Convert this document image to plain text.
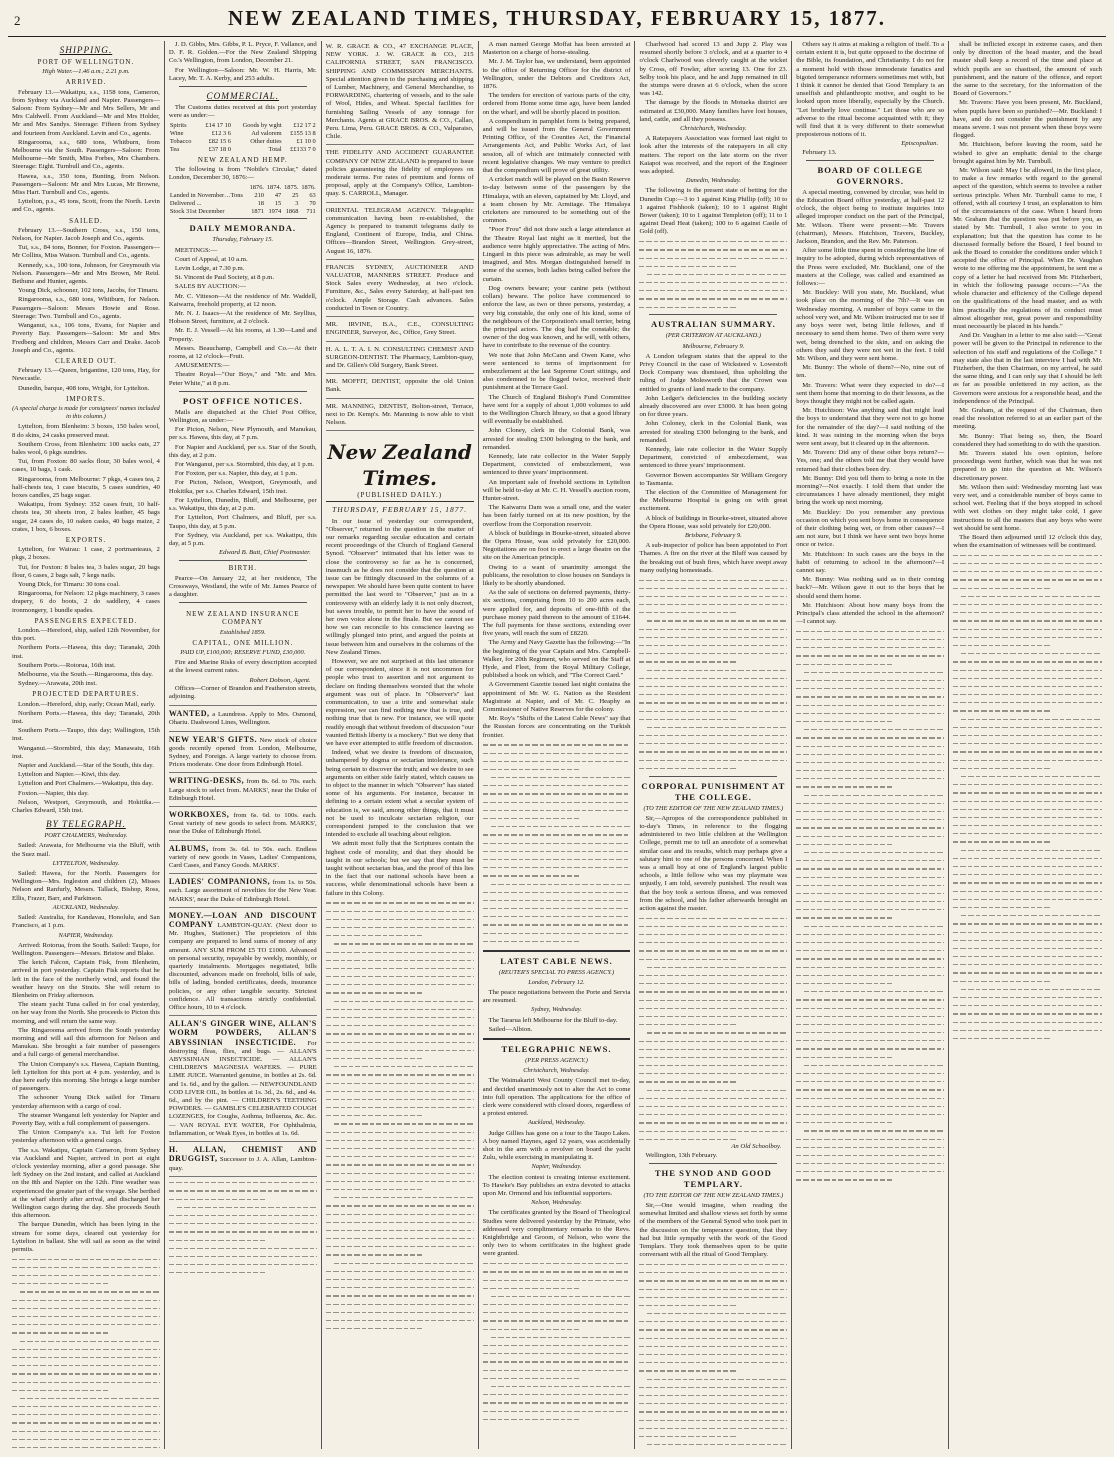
2	NEW ZEALAND TIMES, THURSDAY, FEBRUARY 15, 1877.
SHIPPING.
PORT OF WELLINGTON.
High Water.—1.46 a.m.; 2.21 p.m.
ARRIVED.

February 13.—Wakatipu, s.s., 1158 tons, Cameron, from Sydney via Auckland and Napier. Passengers—Saloon: From Sydney—Mr and Mrs Sellers, Mr and Mrs Caldwell. From Auckland—Mr and Mrs Holder, Mr and Mrs Sandys. Steerage: Fifteen from Sydney and fourteen from Auckland. Levin and Co., agents.

Ringarooma, s.s., 680 tons, Whitburn, from Melbourne via the South. Passengers—Saloon: From Melbourne—Mr Smith, Miss Forbes, Mrs Chambers. Steerage: Eight. Turnbull and Co., agents.

Hawea, s.s., 350 tons, Bunting, from Nelson. Passengers—Saloon: Mr and Mrs Lucas, Mr Browne, Miss Hart. Turnbull and Co., agents.

Lyttelton, p.s., 45 tons, Scott, from the North. Levin and Co., agents.

SAILED.

February 13.—Southern Cross, s.s., 150 tons, Nelson, for Napier. Jacob Joseph and Co., agents.

Tui, s.s., 84 tons, Bonner, for Foxton. Passengers—Mr Collins, Miss Watson. Turnbull and Co., agents.

Kennedy, s.s., 100 tons, Johnson, for Greymouth via Nelson. Passengers—Mr and Mrs Brown, Mr Reid. Bethune and Hunter, agents.

Young Dick, schooner, 102 tons, Jacobs, for Timaru.

Ringarooma, s.s., 680 tons, Whitburn, for Nelson. Passengers—Saloon: Messrs Howie and Rose. Steerage: Two. Turnbull and Co., agents.

Wanganui, s.s., 106 tons, Evans, for Napier and Poverty Bay. Passengers—Saloon: Mr and Mrs Fredberg and children, Messrs Carr and Drake. Jacob Joseph and Co., agents.

CLEARED OUT.

February 13.—Queen, brigantine, 120 tons, Hay, for Newcastle.

Dunedin, barque, 408 tons, Wright, for Lyttelton.

IMPORTS.
(A special charge is made for consignees' names included in this column.)

Lyttelton, from Blenheim: 3 boxes, 150 bales wool, 8 do skins, 24 casks preserved meat.

Southern Cross, from Blenheim: 100 sacks oats, 27 bales wool, 6 pkgs sundries.

Tui, from Foxton: 80 sacks flour, 30 bales wool, 4 cases, 10 bags, 1 cask.

Ringarooma, from Melbourne: 7 pkgs, 4 cases tea, 2 half-chests tea, 1 case biscuits, 5 cases sundries, 40 boxes candles, 25 bags sugar.

Wakatipu, from Sydney: 352 cases fruit, 10 half-chests tea, 30 sheets iron, 2 bales leather, 45 bags sugar, 24 cases do, 10 oaken casks, 40 bags maize, 2 crates, 1 box, 6 boxes.

EXPORTS.

Lyttelton, for Wairau: 1 case, 2 portmanteaus, 2 pkgs, 2 boxes.

Tui, for Foxton: 8 bales tea, 3 bales sugar, 20 bags flour, 6 cases, 2 bags salt, 7 kegs nails.

Young Dick, for Timaru: 30 tons coal.

Ringarooma, for Nelson: 12 pkgs machinery, 3 cases drapery, 6 do boots, 2 do saddlery, 4 cases ironmongery, 1 bundle spades.

PASSENGERS EXPECTED.

London.—Hereford, ship, sailed 12th November, for this port.

Northern Ports.—Hawea, this day; Taranaki, 20th inst.

Southern Ports.—Rotorua, 16th inst.

Melbourne, via the South.—Ringarooma, this day.

Sydney.—Arawata, 20th inst.

PROJECTED DEPARTURES.

London.—Hereford, ship, early; Ocean Mail, early.

Northern Ports.—Hawea, this day; Taranaki, 20th inst.

Southern Ports.—Taupo, this day; Wallington, 15th inst.

Wanganui.—Stormbird, this day; Manawatu, 16th inst.

Napier and Auckland.—Star of the South, this day.

Lyttelton and Napier.—Kiwi, this day.

Lyttelton and Port Chalmers.—Wakatipu, this day.

Foxton.—Napier, this day.

Nelson, Westport, Greymouth, and Hokitika.—Charles Edward, 15th inst.

BY TELEGRAPH.
PORT CHALMERS, Wednesday.

Sailed: Arawata, for Melbourne via the Bluff, with the Suez mail.

LYTTELTON, Wednesday.

Sailed: Hawea, for the North. Passengers for Wellington—Mrs. Ingleston and children (2), Misses Nelson and Ranfurly, Messrs. Tallack, Bishop, Ross, Ellis, Frazer, Barr, and Parkinson.

AUCKLAND, Wednesday.

Sailed: Australia, for Kandavau, Honolulu, and San Francisco, at 1 p.m.

NAPIER, Wednesday.

Arrived: Rotorua, from the South. Sailed: Taupo, for Wellington. Passengers—Messrs. Bristow and Blake.

The ketch Falcon, Captain Fisk, from Blenheim, arrived in port yesterday. Captain Fisk reports that he left in the face of the northerly wind, and found the weather heavy on the Straits. She will return to Blenheim on Friday afternoon.

The steam yacht Tuna called in for coal yesterday, on her way from the North. She proceeds to Picton this morning, and will return the same way.

The Ringarooma arrived from the South yesterday morning and will sail this afternoon for Nelson and Manukau. She brought a fair number of passengers and a full cargo of general merchandise.

The Union Company's s.s. Hawea, Captain Bunting, left Lyttelton for this port at 4 p.m. yesterday, and is due here early this morning. She brings a large number of passengers.

The schooner Young Dick sailed for Timaru yesterday afternoon with a cargo of coal.

The steamer Wanganui left yesterday for Napier and Poverty Bay, with a full complement of passengers.

The Union Company's s.s. Tui left for Foxton yesterday afternoon with a general cargo.

The s.s. Wakatipu, Captain Cameron, from Sydney via Auckland and Napier, arrived in port at eight o'clock yesterday morning, after a good passage. She left Sydney on the 2nd instant, and called at Auckland on the 8th and Napier on the 12th. Fine weather was experienced the greater part of the voyage. She berthed at the wharf shortly after arrival, and discharged her Wellington cargo during the day. She proceeds South this afternoon.

The barque Dunedin, which has been lying in the stream for some days, cleared out yesterday for Lyttelton in ballast. She will sail as soon as the wind permits.

J. D. Gibbs, Mrs. Gibbs, P. L. Pryce, F. Vallance, and D. F. R. Golden.—For the New Zealand Shipping Co.'s Wellington, from London, December 21.

For Wellington—Saloon: Mr. W. H. Harris, Mr. Lacey, Mr. T. A. Kerby, and 253 adults.

COMMERCIAL.

The Customs duties received at this port yesterday were as under:—

Spirits	£14 17 10	Goods by wght	£12 17 2
Wine	£12 3 6	Ad valorem	£155 13 8
Tobacco	£82 15 6	Other duties	£1 10 0
Tea	£37 18 0	Total	££133 7 0
NEW ZEALAND HEMP.

The following is from "Nobile's Circular," dated London, December 30, 1876:—

	1876.	1874.	1875.	1876.
Landed in November…Tons	210	47	25	63
Delivered ...	18	15	3	70
Stock 31st December	1871	1974	1868	711
DAILY MEMORANDA.
Thursday, February 15.

MEETINGS:—

Court of Appeal, at 10 a.m.

Levin Lodge, at 7.30 p.m.

St. Vincent de Paul Society, at 8 p.m.

SALES BY AUCTION:—

Mr. C. Vitteson—At the residence of Mr. Waddell, Kaiwarra, freehold property, at 12 noon.

Mr. N. J. Isaacs—At the residence of Mr. Seyllius, Hobson Street, furniture, at 2 o'clock.

Mr. E. J. Vessell—At his rooms, at 1.30—Land and Property.

Messrs. Beauchamp, Campbell and Co.—At their rooms, at 12 o'clock—Fruit.

AMUSEMENTS:—

Theatre Royal—"Our Boys," and "Mr. and Mrs. Peter White," at 8 p.m.

POST OFFICE NOTICES.

Mails are dispatched at the Chief Post Office, Wellington, as under:—

For Picton, Nelson, New Plymouth, and Manukau, per s.s. Hawea, this day, at 7 p.m.

For Napier and Auckland, per s.s. Star of the South, this day, at 2 p.m.

For Wanganui, per s.s. Stormbird, this day, at 1 p.m.

For Foxton, per s.s. Napier, this day, at 1 p.m.

For Picton, Nelson, Westport, Greymouth, and Hokitika, per s.s. Charles Edward, 15th inst.

For Lyttelton, Dunedin, Bluff, and Melbourne, per s.s. Wakatipu, this day, at 2 p.m.

For Lyttelton, Port Chalmers, and Bluff, per s.s. Taupo, this day, at 5 p.m.

For Sydney, via Auckland, per s.s. Wakatipu, this day, at 5 p.m.

Edward B. Butt, Chief Postmaster.
BIRTH.

Pearce—On January 22, at her residence, The Crossways, Westland, the wife of Mr. James Pearce of a daughter.

NEW ZEALAND INSURANCE COMPANY
Established 1859.
CAPITAL, ONE MILLION.
PAID UP, £100,000; RESERVE FUND, £30,000.

Fire and Marine Risks of every description accepted at the lowest current rates.

Robert Dobson, Agent.

Offices—Corner of Brandon and Featherston streets, adjoining.

WANTED, a Laundress. Apply to Mrs. Osmond, Ohariu. Dashwood Lines, Wellington.
NEW YEAR'S GIFTS. New stock of choice goods recently opened from London, Melbourne, Sydney, and Foreign. A large variety to choose from. Prices moderate. One door from Edinburgh Hotel.
WRITING-DESKS, from 8s. 6d. to 70s. each. Large stock to select from. MARKS', near the Duke of Edinburgh Hotel.
WORKBOXES, from 6s. 6d. to 100s. each. Great variety of new goods to select from. MARKS', near the Duke of Edinburgh Hotel.
ALBUMS, from 3s. 6d. to 50s. each. Endless variety of new goods in Vases, Ladies' Companions, Card Cases, and Fancy Goods. MARKS'.
LADIES' COMPANIONS, from 1s. to 50s. each. Large assortment of novelties for the New Year. MARKS', near the Duke of Edinburgh Hotel.
MONEY.—LOAN AND DISCOUNT COMPANY LAMBTON-QUAY. (Next door to Mr. Hughes, Stationer.) The proprietors of this company are prepared to lend sums of money of any amount. ANY SUM FROM £5 TO £1000. Advanced on personal security, repayable by weekly, monthly, or quarterly instalments. Mortgages negotiated, bills discounted, advances made on freehold, bills of sale, bills of lading, bonded certificates, deeds, insurance policies, or any other tangible security. Strictest confidence. All transactions strictly confidential. Office hours, 10 to 4 o'clock.
ALLAN'S GINGER WINE, ALLAN'S WORM POWDERS, ALLAN'S ABYSSINIAN INSECTICIDE. For destroying fleas, flies, and bugs. — ALLAN'S ABYSSINIAN INSECTICIDE. — ALLAN'S CHILDREN'S MAGNESIA WAFERS. — PURE LIME JUICE. Warranted genuine, in bottles at 2s. 6d. and 1s. 6d., and by the gallon. — NEWFOUNDLAND COD LIVER OIL, In bottles at 1s. 3d., 2s. 6d., and 4s. 6d., and by the pint. — CHILDREN'S TEETHING POWDERS. — GAMBLE'S CELEBRATED COUGH LOZENGES, for Coughs, Asthma, Influenza, &c. &c. — VAN ROYAL EYE WATER, For Ophthalmia, Inflammation, or Weak Eyes, in bottles at 1s. 6d.
H. ALLAN, CHEMIST AND DRUGGIST, Successor to J. A. Allan, Lambton-quay.
W. R. GRACE & CO., 47 EXCHANGE PLACE, NEW YORK. J. W. GRACE & CO., 215 CALIFORNIA STREET, SAN FRANCISCO. SHIPPING AND COMMISSION MERCHANTS. Special attention given to the purchasing and shipping of Lumber, Machinery, and General Merchandise, to FORWARDING, chartering of vessels, and to the sale of Wool, Hides, and Wheat. Special facilities for furnishing Sailing Vessels of any tonnage for Merchants. Agents at GRACE BROS. & CO., Callao, Peru. Lima, Peru. GRACE BROS. & CO., Valparaiso, Chile.
THE FIDELITY AND ACCIDENT GUARANTEE COMPANY OF NEW ZEALAND is prepared to issue policies guaranteeing the fidelity of employees on moderate terms. For rates of premium and forms of proposal, apply at the Company's Office, Lambton-quay. S. CARROLL, Manager.
ORIENTAL TELEGRAM AGENCY. Telegraphic communication having been re-established, the Agency is prepared to transmit telegrams daily to England, Continent of Europe, India, and China. Offices—Brandon Street, Wellington. Grey-street, August 16, 1876.
FRANCIS SYDNEY, AUCTIONEER AND VALUATOR, MANNERS STREET. Produce and Stock Sales every Wednesday, at two o'clock. Furniture, &c., Sales every Saturday, at half-past ten o'clock. Ample Storage. Cash advances. Sales conducted in Town or Country.
MR. IRVINE, B.A., C.E., CONSULTING ENGINEER, Surveyor, &c., Office, Grey Street.
H. A. L. T. A. I. N. CONSULTING CHEMIST AND SURGEON-DENTIST. The Pharmacy, Lambton-quay, and Dr. Gillen's Old Surgery, Bank Street.
MR. MOFFIT, DENTIST, opposite the old Union Bank.
MR. MANNING, DENTIST, Bolton-street, Terrace, next to Dr. Kemp's. Mr. Manning is now able to visit Nelson.
New Zealand Times.
(PUBLISHED DAILY.)
THURSDAY, FEBRUARY 15, 1877.

In our issue of yesterday our correspondent, "Observer," returned to the question in the matter of our remarks regarding secular education and certain recent proceedings of the Church of England General Synod. "Observer" intimated that his letter was to close the controversy so far as he is concerned, inasmuch as he does not consider that the question at issue can be fittingly discussed in the columns of a newspaper. We should have been quite content to have permitted the last word to "Observer," just as in a controversy with an elderly lady it is not only discreet, but saves trouble, to permit her to have the sound of her own voice alone in the finale. But we cannot see how we can reconcile to his conscience leaving so willingly plunged into print, and argued the points at issue between him and ourselves in the columns of the New Zealand Times.

However, we are not surprised at this last utterance of our correspondent, since it is not uncommon for people who trust to assertion and not argument to declare on finding themselves worsted that the whole argument was out of place. In "Observer's" last communication, to use a trite and somewhat stale expression, we can find nothing new that is true, and nothing true that is new. For instance, we will quote readily enough that without freedom of discussion "our vaunted British liberty is a mockery." But we deny that we have ever attempted to stifle freedom of discussion.

Indeed, what we desire is freedom of discussion, unhampered by dogma or sectarian intolerance, such being certain to discover the truth; and we desire to see arguments on either side fairly stated, which causes us to object to the manner in which "Observer" has stated some of his arguments. For instance, because in defining to a certain extent what a secular system of education is, we said, among other things, that it must not be used to inculcate sectarian religion, our correspondent jumped to the conclusion that we intended to exclude all teaching about religion.

We admit most fully that the Scriptures contain the highest code of morality, and that they should be taught in our schools; but we say that they must be taught without sectarian bias, and the proof of this lies in the fact that our national schools have been a success, while denominational schools have been a failure in this Colony.

A man named George Moffat has been arrested at Masterton on a charge of horse-stealing.

Mr. J. M. Taylor has, we understand, been appointed to the office of Returning Officer for the district of Wellington, under the Debtors and Creditors Act, 1876.

The tenders for erection of various parts of the city, ordered from Home some time ago, have been landed on the wharf, and will be shortly placed in position.

A compendium in pamphlet form is being prepared, and will be issued from the General Government Printing Office, of the Counties Act, the Financial Arrangements Act, and Public Works Act, of last session, all of which are intimately connected with recent legislative changes. We may venture to predict that the compendium will prove of great utility.

A cricket match will be played on the Basin Reserve to-day between some of the passengers by the Himalaya, with an eleven, captained by Mr. Lloyd, and a team chosen by Mr. Armitage. The Himalaya cricketers are rumoured to be something out of the common.

"Poor Frou" did not draw such a large attendance at the Theatre Royal last night as it merited, but the audience were highly appreciative. The acting of Mrs. Lingard in this piece was admirable, as may be well imagined, and Mrs. Morgan distinguished herself in some of the scenes, both ladies being called before the curtain.

Dog owners beware; your canine pets (without collars) beware. The police have commenced to enforce the law, as two or three persons, yesterday, a very big constable, the only one of his kind, some of the neighbours of the Corporation's small terrier, being the principal actors. The dog had the constable; the owner of the dog was known, and he will, with others, have to contribute to the revenue of the country.

We note that John McCann and Owen Kane, who were sentenced to terms of imprisonment for embezzlement at the last Supreme Court sittings, and also condemned to be flogged twice, received their punishment at the Terrace Gaol.

The Church of England Bishop's Fund Committee have sent for a supply of about 1,000 volumes to add to the Wellington Church library, so that a good library will eventually be established.

John Cloney, clerk in the Colonial Bank, was arrested for stealing £300 belonging to the bank, and remanded.

Kennedy, late rate collector in the Water Supply Department, convicted of embezzlement, was sentenced to three years' imprisonment.

An important sale of freehold sections in Lyttelton will be held to-day at Mr. C. H. Vessell's auction room, Hunter-street.

The Kaiwarra Dam was a small one, and the water has been fairly turned on at its new position, by the overflow from the Corporation reservoir.

A block of buildings in Bourke-street, situated above the Opera House, was sold privately for £20,000. Negotiations are on foot to erect a large theatre on the site on the American principle.

Owing to a want of unanimity amongst the publicans, the resolution to close houses on Sundays is likely to be shortly abandoned.

As the sale of sections on deferred payments, thirty-six sections, comprising from 10 to 200 acres each, were applied for, and deposits of one-fifth of the purchase money paid thereon to the amount of £1644. The full payments for these sections, extending over five years, will reach the sum of £8220.

The Army and Navy Gazette has the following:—"In the beginning of the year Captain and Mrs. Campbell-Walker, for 20th Regiment, who served on the Staff at Hyde, and Fleet, from the Royal Military College, published a book on which, and "The Correct Card."

A Government Gazette issued last night contains the appointment of Mr. W. G. Nation as the Resident Magistrate at Napier, and of Mr. C. Heaphy as Commissioner of Native Reserves for the colony.

Mr. Roy's "Shifts of the Latest Cable News" say that the Russian forces are concentrating on the Turkish frontier.

LATEST CABLE NEWS.
(REUTER'S SPECIAL TO PRESS AGENCY.)
London, February 12.

The peace negotiations between the Porte and Servia are resumed.

Sydney, Wednesday.

The Tararua left Melbourne for the Bluff to-day.

Sailed—Albion.

TELEGRAPHIC NEWS.
(PER PRESS AGENCY.)
Christchurch, Wednesday.

The Waimakariri West County Council met to-day, and decided unanimously not to alter the Act to come into full operation. The applications for the office of clerk were considered with closed doors, regardless of a protest entered.

Auckland, Wednesday.

Judge Gillies has gone on a tour to the Taupo Lakes. A boy named Haynes, aged 12 years, was accidentally shot in the arm with a revolver on board the yacht Zulu, while exercising in manipulating it.

Napier, Wednesday.

The election contest is creating intense excitement. To Hawke's Bay publishes an extra devoted to attacks upon Mr. Ormond and his influential supporters.

Nelson, Wednesday.

The certificates granted by the Board of Theological Studies were delivered yesterday by the Primate, who addressed very complimentary remarks to the Revs. Knightbridge and Groom, of Nelson, who were the only two to whom certificates in the highest grade were granted.

Charlwood had scored 13 and Jupp 2. Play was resumed shortly before 3 o'clock, and at a quarter to 4 o'clock Charlwood was cleverly caught at the wicket by Cross, off Fowler, after scoring 13. One for 23. Selby took his place, and he and Jupp remained in till the stumps were drawn at 6 o'clock, when the score was 142.

The damage by the floods in Motueka district are estimated at £30,000. Many families have lost houses, land, cattle, and all they possess.

Christchurch, Wednesday.

A Ratepayers Association was formed last night to look after the interests of the ratepayers in all city matters. The report on the late storm on the river Kaiapoi was received, and the report of the Engineer was adopted.

Dunedin, Wednesday.

The following is the present state of betting for the Dunedin Cup:—3 to 1 against King Phillip (off); 10 to 1 against Fishhook (taken); 10 to 1 against Right Bower (taken); 10 to 1 against Templeton (off); 11 to 1 against Dead Heat (taken); 100 to 6 against Castle of Gold (off).

AUSTRALIAN SUMMARY.
(PER CRITERION AT AUCKLAND.)
Melbourne, February 9.

A London telegram states that the appeal to the Privy Council in the case of Wicksteed v. Lowestoft Dock Company was dismissed, thus upholding the ruling of Judge Molesworth that the Crown was entitled to grants of land made to the company.

John Ledger's deficiencies in the building society already discovered are over £3000. It has been going on for three years.

John Coloney, clerk in the Colonial Bank, was arrested for stealing £300 belonging to the bank, and remanded.

Kennedy, late rate collector in the Water Supply Department, convicted of embezzlement, was sentenced to three years' imprisonment.

Governor Bowen accompanies Sir William Gregory to Tasmania.

The election of the Committee of Management for the Melbourne Hospital is going on with great excitement.

A block of buildings in Bourke-street, situated above the Opera House, was sold privately for £20,000.

Brisbane, February 9.

A sub-inspector of police has been appointed to Fort Thames. A fire on the river at the Bluff was caused by the breaking out of bush fires, which have swept away many outlying homesteads.

CORPORAL PUNISHMENT AT THE COLLEGE.
(TO THE EDITOR OF THE NEW ZEALAND TIMES.)

Sir,—Apropos of the correspondence published in to-day's Times, in reference to the flogging administered to two little children at the Wellington College, permit me to tell an anecdote of a somewhat similar case and its results, which may perhaps give a salutary hint to one of the persons concerned. When I was a small boy at one of England's largest public schools, a little fellow who was my playmate was unjustly, I am told, severely punished. The result was that the boy took a serious illness, and was removed from the school, and his father afterwards brought an action against the master.

An Old Schoolboy.

Wellington, 13th February.

THE SYNOD AND GOOD TEMPLARY.
(TO THE EDITOR OF THE NEW ZEALAND TIMES.)

Sir,—One would imagine, when reading the somewhat limited and shallow views set forth by some of the members of the General Synod who took part in the discussion on the temperance question, that they had but little sympathy with the work of the Good Templars. They took themselves upon to be quite conversant with all the ritual of Good Templary.

Others say it aims at making a religion of itself. To a certain extent it is, but quite opposed to the doctrine of the Bible, its foundation, and Christianity. I do not for a moment hold with those immoderate fanatics and bigoted temperance reformers sometimes met with, but I think it cannot be denied that Good Templary is an unselfish and philanthropic motive, and ought to be looked upon more liberally, especially by the Church. "Let brotherly love continue." Let those who are so adverse to the ritual become acquainted with it; they will find that it is very different to their somewhat preposterous notions of it.

Episcopalian.

February 13.

BOARD OF COLLEGE GOVERNORS.

A special meeting, convened by circular, was held in the Education Board office yesterday, at half-past 12 o'clock, the object being to institute inquiries into alleged improper conduct on the part of the Principal, Mr. Wilson. There were present:—Mr. Travers (chairman), Messrs. Hutchison, Travers, Buckley, Jackson, Brandon, and the Rev. Mr. Paterson.

After some little time spent in considering the line of inquiry to be adopted, during which representatives of the Press were excluded, Mr. Buckland, one of the masters at the College, was called and examined as follows:—

Mr. Buckley: Will you state, Mr. Buckland, what took place on the morning of the 7th?—It was on Wednesday morning. A number of boys came to the school very wet, and Mr. Wilson instructed me to see if any boys were wet, being little fellows, and if necessary to send them home. Two of them were very wet, being drenched to the skin, and on asking the others they said they were not wet in the feet. I told Mr. Wilson, and they were sent home.

Mr. Bunny: The whole of them?—No, nine out of ten.

Mr. Travers: What were they expected to do?—I sent them home that morning to do their lessons, as the boys thought they might not be called again.

Mr. Hutchison: Was anything said that might lead the boys to understand that they were not to go home for the remainder of the day?—I said nothing of the kind. It was raining in the morning when the boys were sent away, but it cleared up in the afternoon.

Mr. Travers: Did any of these other boys return?—Yes, one; and the others told me that they would have returned had their clothes been dry.

Mr. Bunny: Did you tell them to bring a note in the morning?—Not exactly. I told them that under the circumstances I have already mentioned, they might bring the work up next morning.

Mr. Buckley: Do you remember any previous occasion on which you sent boys home in consequence of their clothing being wet, or from other causes?—I am not sure, but I think we have sent two boys home once or twice.

Mr. Hutchison: In such cases are the boys in the habit of returning to school in the afternoon?—I cannot say.

Mr. Bunny: Was nothing said as to their coming back?—Mr. Wilson gave it out to the boys that he should send them home.

Mr. Hutchison: About how many boys from the Principal's class attended the school in the afternoon?—I cannot say.

shall be inflicted except in extreme cases, and then only by direction of the head master, and the head master shall keep a record of the time and place at which pupils are so chastised, the amount of such punishment, and the nature of the offence, and report the same to the secretary, for the information of the Board of Governors."

Mr. Travers: Have you been present, Mr. Buckland, when pupils have been so punished?—Mr. Buckland: I have, and do not consider the punishment by any means severe. I was not present when these boys were flogged.

Mr. Hutchison, before leaving the room, said he wished to give an emphatic denial to the charge brought against him by Mr. Turnbull.

Mr. Wilson said: May I be allowed, in the first place, to make a few remarks with regard to the general aspect of the question, which seems to involve a rather serious principle. When Mr. Turnbull came to me, I offered, with all courtesy I trust, an explanation to him of the circumstances of the case. When I heard from Mr. Graham that the question was put before you, as stated by Mr. Turnbull, I also wrote to you in explanation; but that the question has come to be discussed formally before the Board, I feel bound to ask the Board to consider the conditions under which I accepted the office of Principal. When Dr. Vaughan wrote to me offering me the appointment, he sent me a copy of a letter he had received from Mr. Fitzherbert, in which the following passage occurs:—"As the whole character and efficiency of the College depend on the qualifications of the head master, and as with him practically the regulations of its conduct must almost altogether rest, great power and responsibility must necessarily be placed in his hands."

And Dr. Vaughan in a letter to me also said:—"Great power will be given to the Principal in reference to the selection of his staff and regulations of the College." I may state also that in the last interview I had with Mr. Fitzherbert, the then Chairman, on my arrival, he said the same thing, and I can only say that I should be left as far as possible unfettered in my action, as the Governors were anxious for a responsible head, and the independence of the Principal.

Mr. Graham, at the request of the Chairman, then read the resolution referred to at an earlier part of the meeting.

Mr. Bunny: That being so, then, the Board considered they had something to do with the question.

Mr. Travers stated his own opinion, before proceedings went further, which was that he was not prepared to go into the question at Mr. Wilson's discretionary power.

Mr. Wilson then said: Wednesday morning last was very wet, and a considerable number of boys came to school wet. Feeling that if the boys stopped in school with wet clothes on they might take cold, I gave instructions to all the masters that any boys who were wet should be sent home.

The Board then adjourned until 12 o'clock this day, when the examination of witnesses will be continued.
